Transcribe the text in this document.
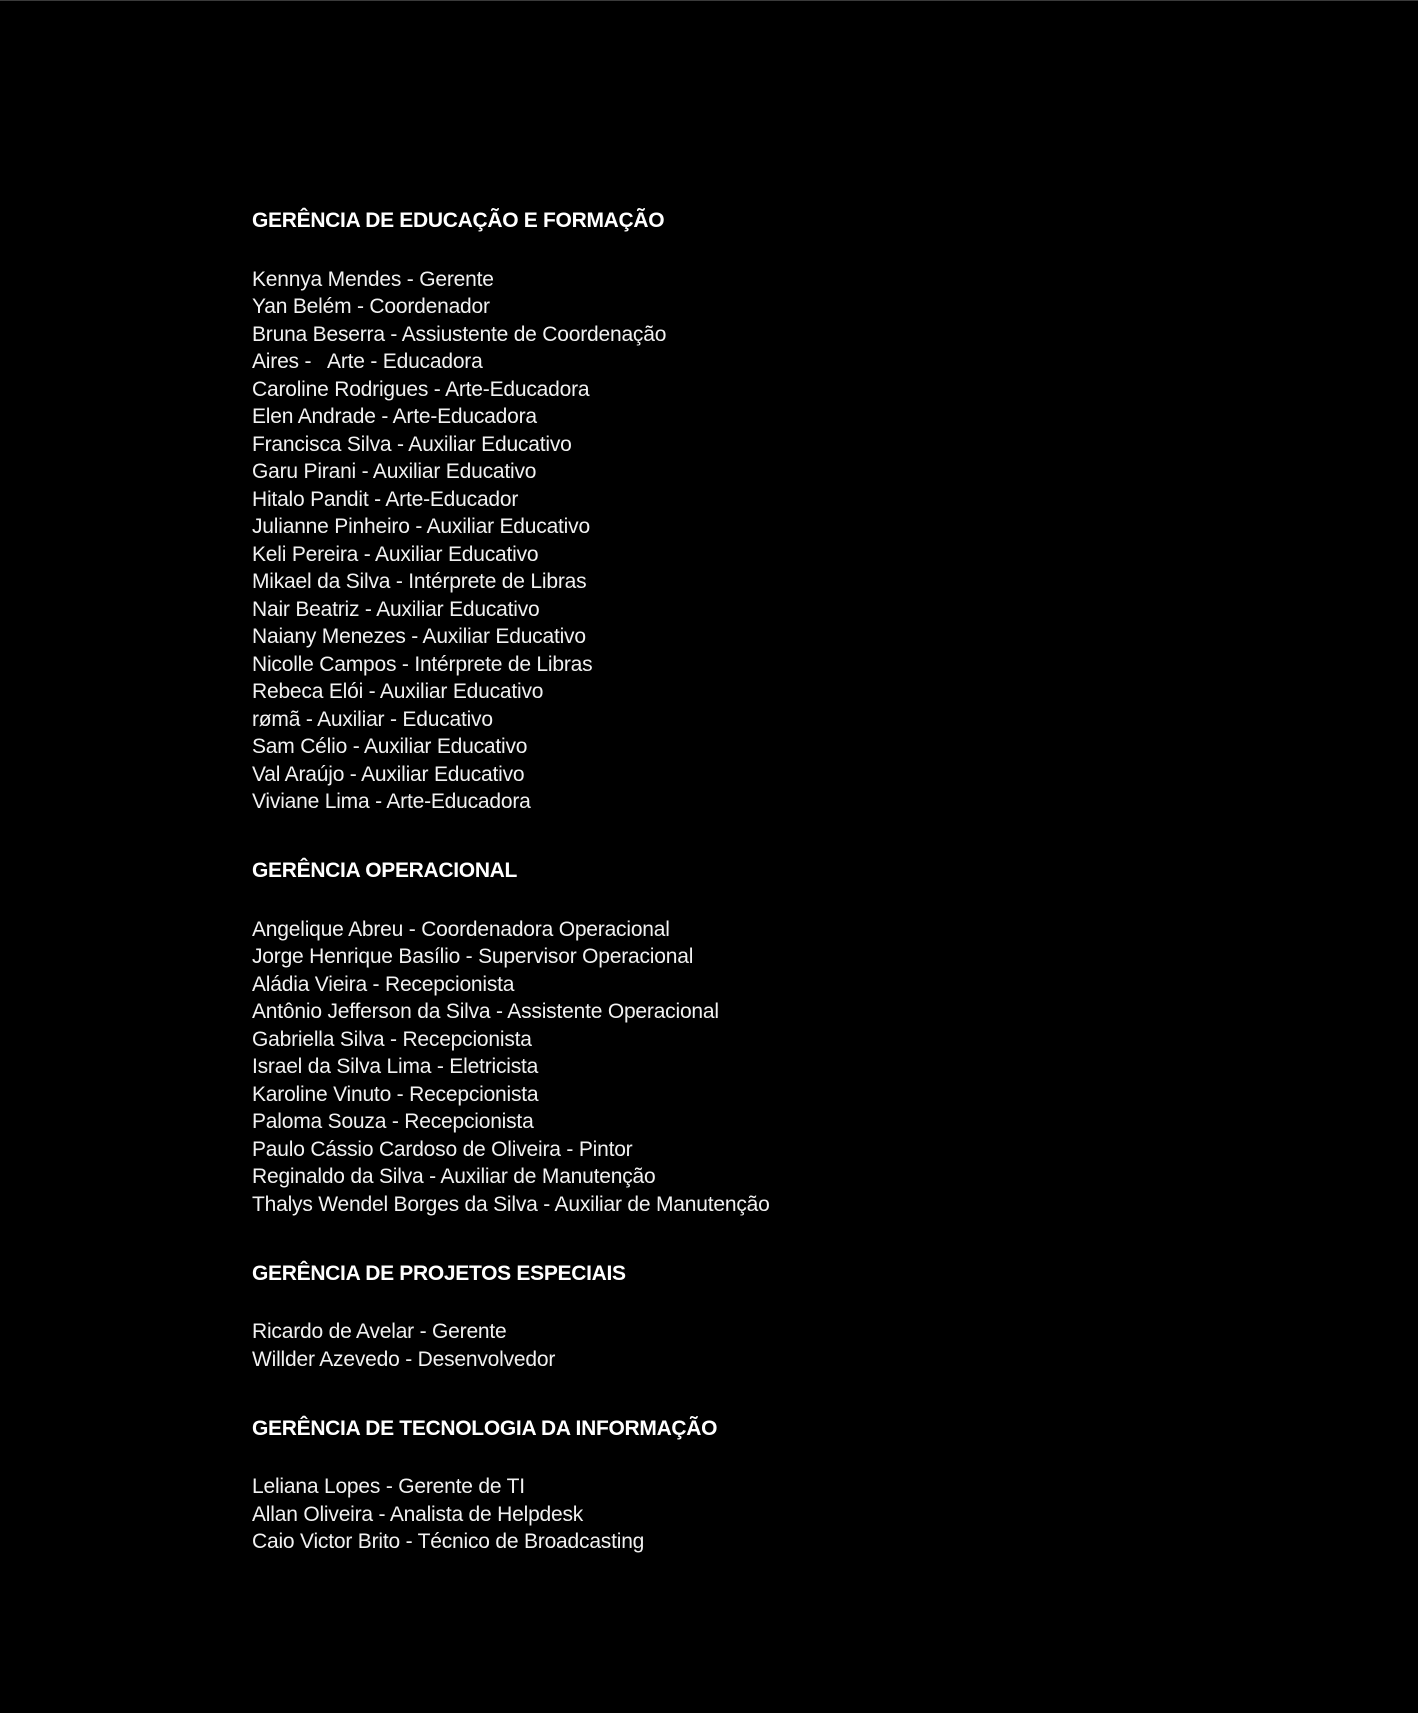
GERÊNCIA DE EDUCAÇÃO E FORMAÇÃO
Kennya Mendes - Gerente
Yan Belém - Coordenador
Bruna Beserra - Assiustente de Coordenação
Aires -   Arte - Educadora
Caroline Rodrigues - Arte-Educadora
Elen Andrade - Arte-Educadora
Francisca Silva - Auxiliar Educativo
Garu Pirani - Auxiliar Educativo
Hitalo Pandit - Arte-Educador
Julianne Pinheiro - Auxiliar Educativo
Keli Pereira - Auxiliar Educativo
Mikael da Silva - Intérprete de Libras
Nair Beatriz - Auxiliar Educativo
Naiany Menezes - Auxiliar Educativo
Nicolle Campos - Intérprete de Libras
Rebeca Elói - Auxiliar Educativo
rømã - Auxiliar - Educativo
Sam Célio - Auxiliar Educativo
Val Araújo - Auxiliar Educativo
Viviane Lima - Arte-Educadora
GERÊNCIA OPERACIONAL
Angelique Abreu - Coordenadora Operacional
Jorge Henrique Basílio - Supervisor Operacional
Aládia Vieira - Recepcionista
Antônio Jefferson da Silva - Assistente Operacional
Gabriella Silva - Recepcionista
Israel da Silva Lima - Eletricista
Karoline Vinuto - Recepcionista
Paloma Souza - Recepcionista
Paulo Cássio Cardoso de Oliveira - Pintor
Reginaldo da Silva - Auxiliar de Manutenção
Thalys Wendel Borges da Silva - Auxiliar de Manutenção
GERÊNCIA DE PROJETOS ESPECIAIS
Ricardo de Avelar - Gerente
Willder Azevedo - Desenvolvedor
GERÊNCIA DE TECNOLOGIA DA INFORMAÇÃO
Leliana Lopes - Gerente de TI
Allan Oliveira - Analista de Helpdesk
Caio Victor Brito - Técnico de Broadcasting
